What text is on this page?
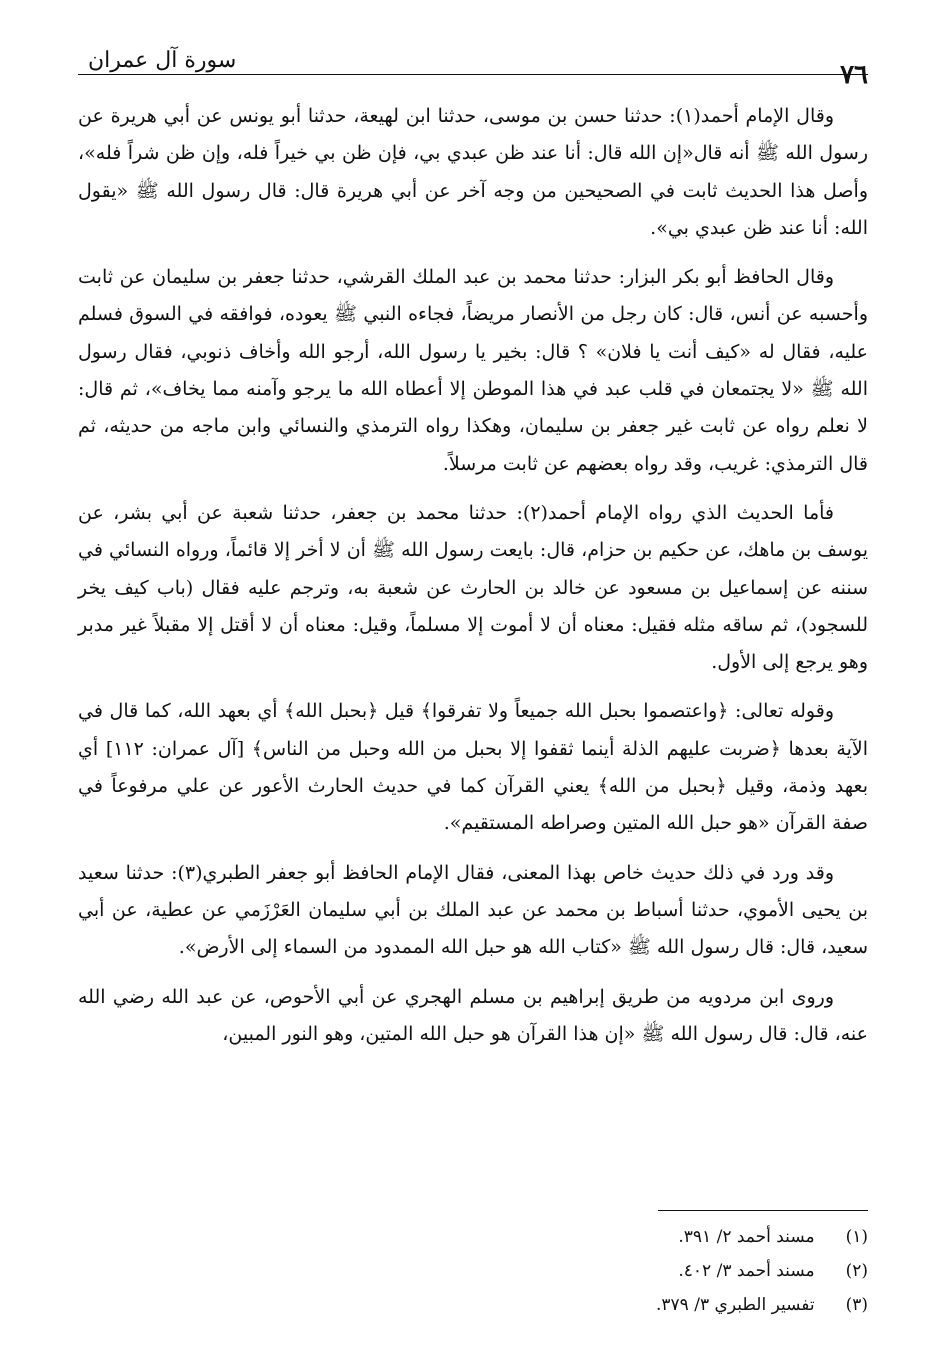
سورة آل عمران	٧٦

وقال الإمام أحمد(١): حدثنا حسن بن موسى، حدثنا ابن لهيعة، حدثنا أبو يونس عن أبي هريرة عن رسول الله ﷺ أنه قال«إن الله قال: أنا عند ظن عبدي بي، فإن ظن بي خيراً فله، وإن ظن شراً فله»، وأصل هذا الحديث ثابت في الصحيحين من وجه آخر عن أبي هريرة قال: قال رسول الله ﷺ «يقول الله: أنا عند ظن عبدي بي».

وقال الحافظ أبو بكر البزار: حدثنا محمد بن عبد الملك القرشي، حدثنا جعفر بن سليمان عن ثابت وأحسبه عن أنس، قال: كان رجل من الأنصار مريضاً، فجاءه النبي ﷺ يعوده، فوافقه في السوق فسلم عليه، فقال له «كيف أنت يا فلان» ؟ قال: بخير يا رسول الله، أرجو الله وأخاف ذنوبي، فقال رسول الله ﷺ «لا يجتمعان في قلب عبد في هذا الموطن إلا أعطاه الله ما يرجو وآمنه مما يخاف»، ثم قال: لا نعلم رواه عن ثابت غير جعفر بن سليمان، وهكذا رواه الترمذي والنسائي وابن ماجه من حديثه، ثم قال الترمذي: غريب، وقد رواه بعضهم عن ثابت مرسلاً.

فأما الحديث الذي رواه الإمام أحمد(٢): حدثنا محمد بن جعفر، حدثنا شعبة عن أبي بشر، عن يوسف بن ماهك، عن حكيم بن حزام، قال: بايعت رسول الله ﷺ أن لا أخر إلا قائماً، ورواه النسائي في سننه عن إسماعيل بن مسعود عن خالد بن الحارث عن شعبة به، وترجم عليه فقال (باب كيف يخر للسجود)، ثم ساقه مثله فقيل: معناه أن لا أموت إلا مسلماً، وقيل: معناه أن لا أقتل إلا مقبلاً غير مدبر وهو يرجع إلى الأول.

وقوله تعالى: ﴿واعتصموا بحبل الله جميعاً ولا تفرقوا﴾ قيل ﴿بحبل الله﴾ أي بعهد الله، كما قال في الآية بعدها ﴿ضربت عليهم الذلة أينما ثقفوا إلا بحبل من الله وحبل من الناس﴾ [آل عمران: ١١٢] أي بعهد وذمة، وقيل ﴿بحبل من الله﴾ يعني القرآن كما في حديث الحارث الأعور عن علي مرفوعاً في صفة القرآن «هو حبل الله المتين وصراطه المستقيم».

وقد ورد في ذلك حديث خاص بهذا المعنى، فقال الإمام الحافظ أبو جعفر الطبري(٣): حدثنا سعيد بن يحيى الأموي، حدثنا أسباط بن محمد عن عبد الملك بن أبي سليمان العَرْزَمي عن عطية، عن أبي سعيد، قال: قال رسول الله ﷺ «كتاب الله هو حبل الله الممدود من السماء إلى الأرض».

وروى ابن مردويه من طريق إبراهيم بن مسلم الهجري عن أبي الأحوص، عن عبد الله رضي الله عنه، قال: قال رسول الله ﷺ «إن هذا القرآن هو حبل الله المتين، وهو النور المبين،

(١) مسند أحمد ٢/ ٣٩١.
(٢) مسند أحمد ٣/ ٤٠٢.
(٣) تفسير الطبري ٣/ ٣٧٩.
